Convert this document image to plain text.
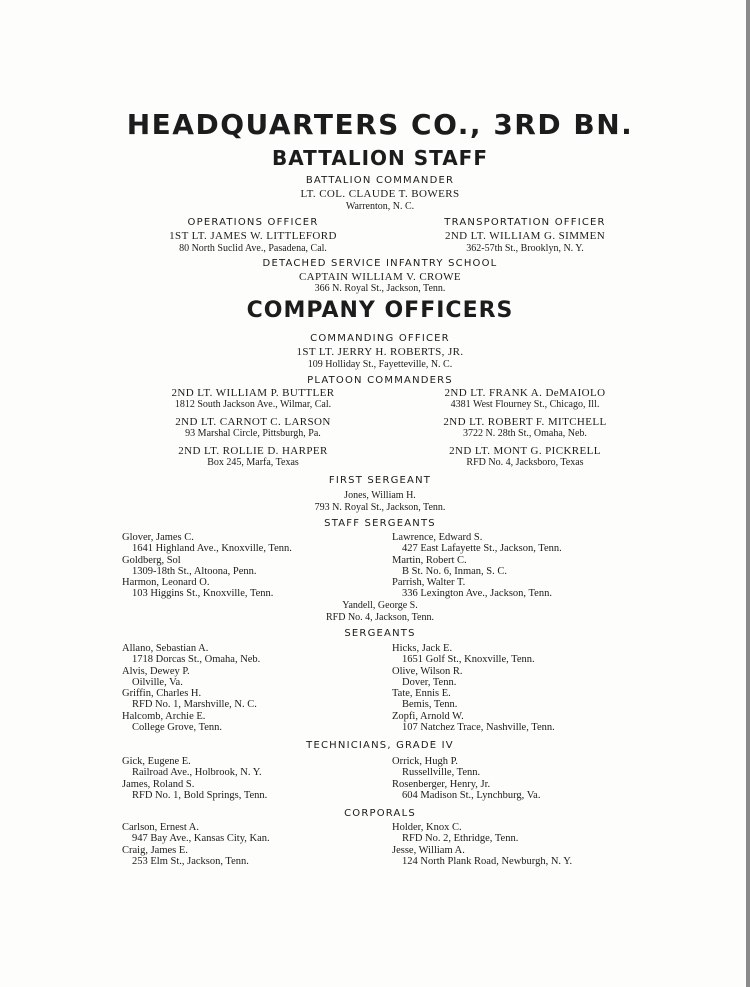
HEADQUARTERS CO., 3RD BN.
BATTALION STAFF
BATTALION COMMANDER
LT. COL. CLAUDE T. BOWERS
Warrenton, N. C.
OPERATIONS OFFICER
1ST LT. JAMES W. LITTLEFORD
80 North Suclid Ave., Pasadena, Cal.
TRANSPORTATION OFFICER
2ND LT. WILLIAM G. SIMMEN
362-57th St., Brooklyn, N. Y.
DETACHED SERVICE INFANTRY SCHOOL
CAPTAIN WILLIAM V. CROWE
366 N. Royal St., Jackson, Tenn.
COMPANY OFFICERS
COMMANDING OFFICER
1ST LT. JERRY H. ROBERTS, JR.
109 Holliday St., Fayetteville, N. C.
PLATOON COMMANDERS
2ND LT. WILLIAM P. BUTTLER
1812 South Jackson Ave., Wilmar, Cal.
2ND LT. FRANK A. DeMAIOLO
4381 West Flourney St., Chicago, Ill.
2ND LT. CARNOT C. LARSON
93 Marshal Circle, Pittsburgh, Pa.
2ND LT. ROBERT F. MITCHELL
3722 N. 28th St., Omaha, Neb.
2ND LT. ROLLIE D. HARPER
Box 245, Marfa, Texas
2ND LT. MONT G. PICKRELL
RFD No. 4, Jacksboro, Texas
FIRST SERGEANT
Jones, William H.
793 N. Royal St., Jackson, Tenn.
STAFF SERGEANTS
Glover, James C.
1641 Highland Ave., Knoxville, Tenn.
Goldberg, Sol
1309-18th St., Altoona, Penn.
Harmon, Leonard O.
103 Higgins St., Knoxville, Tenn.
Lawrence, Edward S.
427 East Lafayette St., Jackson, Tenn.
Martin, Robert C.
B St. No. 6, Inman, S. C.
Parrish, Walter T.
336 Lexington Ave., Jackson, Tenn.
Yandell, George S.
RFD No. 4, Jackson, Tenn.
SERGEANTS
Allano, Sebastian A.
1718 Dorcas St., Omaha, Neb.
Alvis, Dewey P.
Oilville, Va.
Griffin, Charles H.
RFD No. 1, Marshville, N. C.
Halcomb, Archie E.
College Grove, Tenn.
Hicks, Jack E.
1651 Golf St., Knoxville, Tenn.
Olive, Wilson R.
Dover, Tenn.
Tate, Ennis E.
Bemis, Tenn.
Zopfi, Arnold W.
107 Natchez Trace, Nashville, Tenn.
TECHNICIANS, GRADE IV
Gick, Eugene E.
Railroad Ave., Holbrook, N. Y.
James, Roland S.
RFD No. 1, Bold Springs, Tenn.
Orrick, Hugh P.
Russellville, Tenn.
Rosenberger, Henry, Jr.
604 Madison St., Lynchburg, Va.
CORPORALS
Carlson, Ernest A.
947 Bay Ave., Kansas City, Kan.
Craig, James E.
253 Elm St., Jackson, Tenn.
Holder, Knox C.
RFD No. 2, Ethridge, Tenn.
Jesse, William A.
124 North Plank Road, Newburgh, N. Y.
